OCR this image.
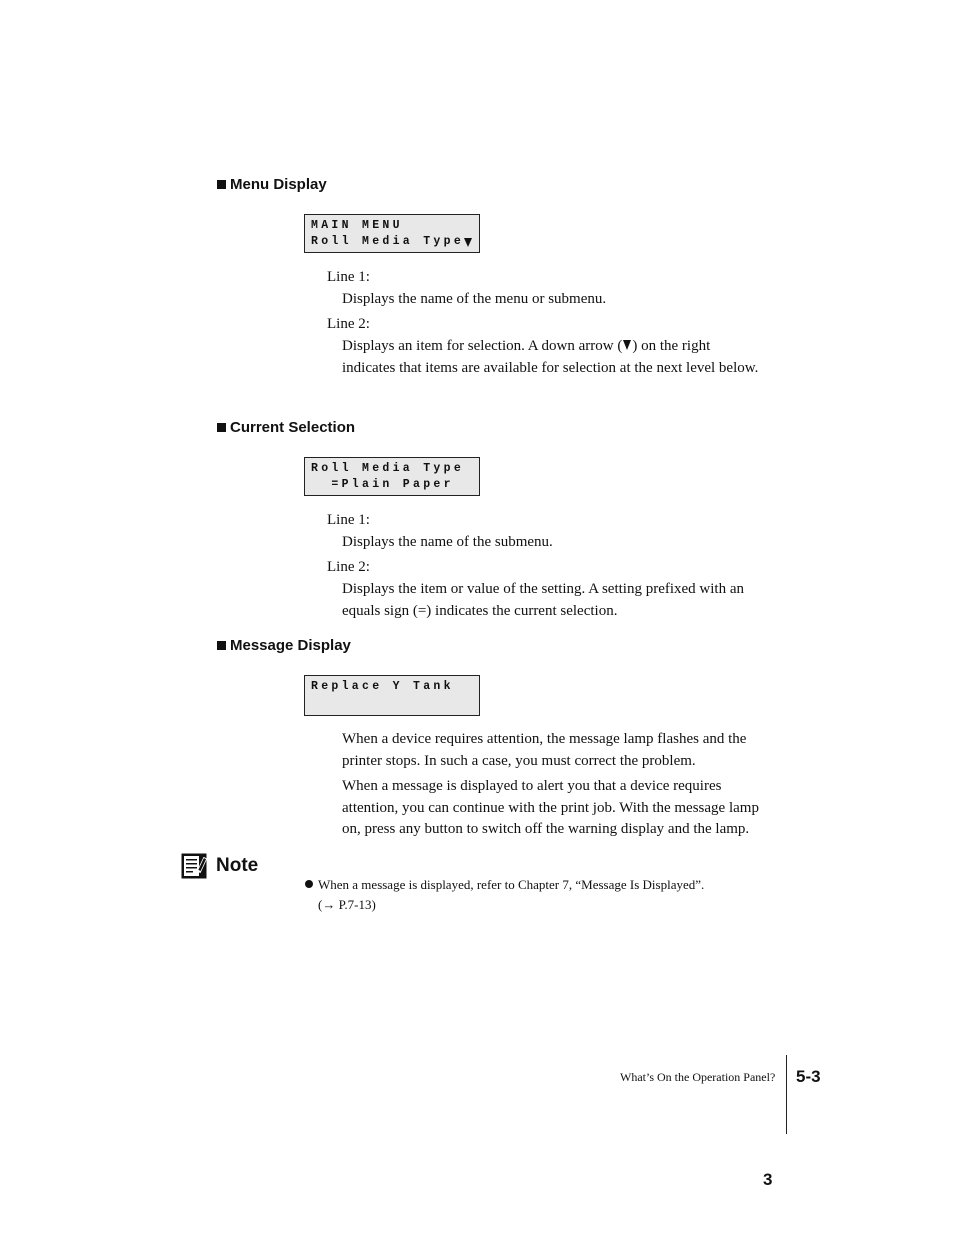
Menu Display
MAIN MENU
Roll Media Type
Line 1:
Displays the name of the menu or submenu.
Line 2:
Displays an item for selection. A down arrow ( ) on the right
indicates that items are available for selection at the next level below.
Current Selection
Roll Media Type
=Plain Paper
Line 1:
Displays the name of the submenu.
Line 2:
Displays the item or value of the setting. A setting prefixed with an
equals sign (=) indicates the current selection.
Message Display
Replace Y Tank
When a device requires attention, the message lamp flashes and the
printer stops. In such a case, you must correct the problem.
When a message is displayed to alert you that a device requires
attention, you can continue with the print job. With the message lamp
on, press any button to switch off the warning display and the lamp.
Note
When a message is displayed, refer to Chapter 7, “Message Is Displayed”.
(→ P.7-13)
What’s On the Operation Panel? 5-3
3
